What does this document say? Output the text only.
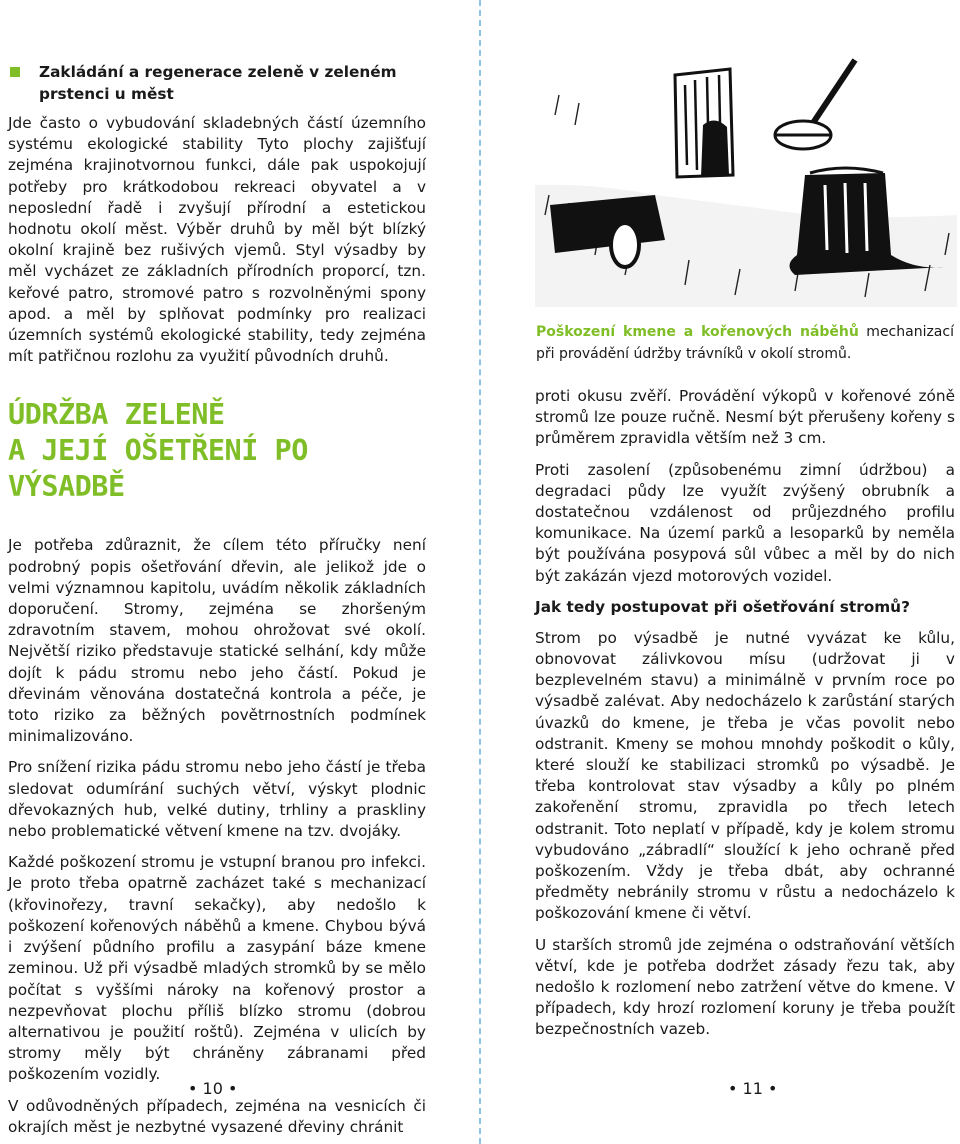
Zakládání a regenerace zeleně v zeleném prstenci u měst

Jde často o vybudování skladebných částí územního systému ekologické stability Tyto plochy zajišťují zejména krajinotvornou funkci, dále pak uspokojují potřeby pro krátkodobou rekreaci obyvatel a v neposlední řadě i zvyšují přírodní a estetickou hodnotu okolí měst. Výběr druhů by měl být blízký okolní krajině bez rušivých vjemů. Styl výsadby by měl vycházet ze základních přírodních proporcí, tzn. keřové patro, stromové patro s rozvolněnými spony apod. a měl by splňovat podmínky pro realizaci územních systémů ekologické stability, tedy zejména mít patřičnou rozlohu za využití původních druhů.

ÚDRŽBA ZELENĚ
A JEJÍ OŠETŘENÍ PO VÝSADBĚ

Je potřeba zdůraznit, že cílem této příručky není podrobný popis ošetřování dřevin, ale jelikož jde o velmi významnou kapitolu, uvádím několik základních doporučení. Stromy, zejména se zhoršeným zdravotním stavem, mohou ohrožovat své okolí. Největší riziko představuje statické selhání, kdy může dojít k pádu stromu nebo jeho částí. Pokud je dřevinám věnována dostatečná kontrola a péče, je toto riziko za běžných povětrnostních podmínek minimalizováno.

Pro snížení rizika pádu stromu nebo jeho částí je třeba sledovat odumírání suchých větví, výskyt plodnic dřevokazných hub, velké dutiny, trhliny a praskliny nebo problematické větvení kmene na tzv. dvojáky.

Každé poškození stromu je vstupní branou pro infekci. Je proto třeba opatrně zacházet také s mechanizací (křovinořezy, travní sekačky), aby nedošlo k poškození kořenových náběhů a kmene. Chybou bývá i zvýšení půdního profilu a zasypání báze kmene zeminou. Už při výsadbě mladých stromků by se mělo počítat s vyššími nároky na kořenový prostor a nezpevňovat plochu příliš blízko stromu (dobrou alternativou je použití roštů). Zejména v ulicích by stromy měly být chráněny zábranami před poškozením vozidly.

V odůvodněných případech, zejména na vesnicích či okrajích měst je nezbytné vysazené dřeviny chránit

• 10 •
Poškození kmene a kořenových náběhů mechanizací při provádění údržby trávníků v okolí stromů.

proti okusu zvěří. Provádění výkopů v kořenové zóně stromů lze pouze ručně. Nesmí být přerušeny kořeny s průměrem zpravidla větším než 3 cm.

Proti zasolení (způsobenému zimní údržbou) a degradaci půdy lze využít zvýšený obrubník a dostatečnou vzdálenost od průjezdného profilu komunikace. Na území parků a lesoparků by neměla být používána posypová sůl vůbec a měl by do nich být zakázán vjezd motorových vozidel.

Jak tedy postupovat při ošetřování stromů?

Strom po výsadbě je nutné vyvázat ke kůlu, obnovovat zálivkovou mísu (udržovat ji v bezplevelném stavu) a minimálně v prvním roce po výsadbě zalévat. Aby nedocházelo k zarůstání starých úvazků do kmene, je třeba je včas povolit nebo odstranit. Kmeny se mohou mnohdy poškodit o kůly, které slouží ke stabilizaci stromků po výsadbě. Je třeba kontrolovat stav výsadby a kůly po plném zakořenění stromu, zpravidla po třech letech odstranit. Toto neplatí v případě, kdy je kolem stromu vybudováno „zábradlí“ sloužící k jeho ochraně před poškozením. Vždy je třeba dbát, aby ochranné předměty nebránily stromu v růstu a nedocházelo k poškozování kmene či větví.

U starších stromů jde zejména o odstraňování větších větví, kde je potřeba dodržet zásady řezu tak, aby nedošlo k rozlomení nebo zatržení větve do kmene. V případech, kdy hrozí rozlomení koruny je třeba použít bezpečnostních vazeb.

• 11 •
